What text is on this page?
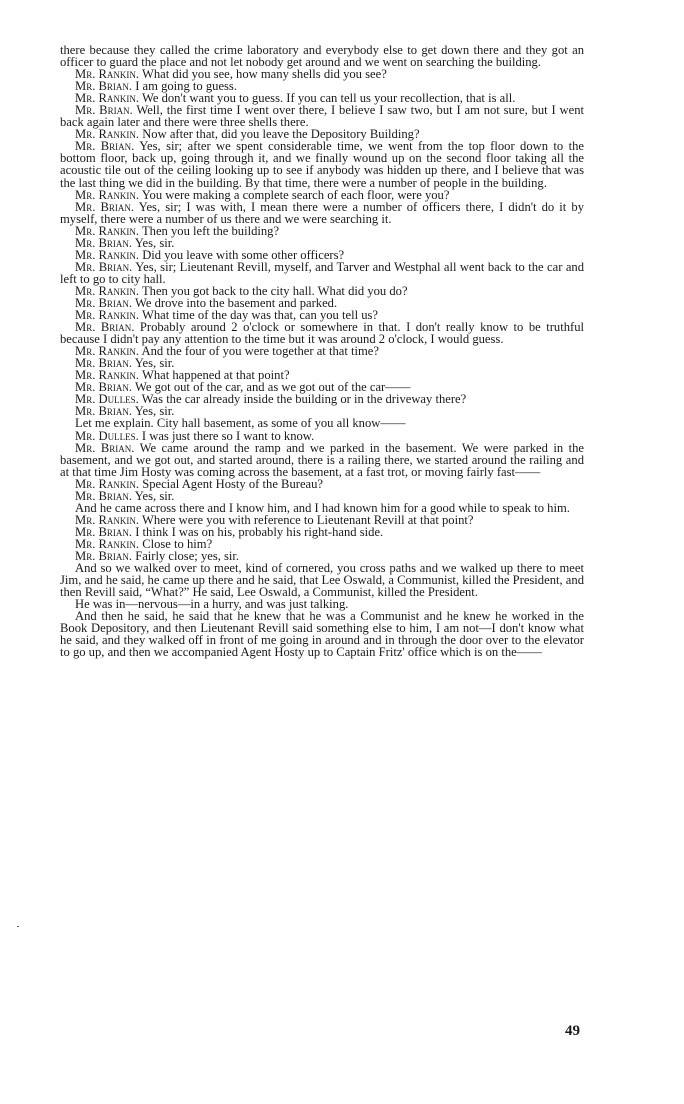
there because they called the crime laboratory and everybody else to get down there and they got an officer to guard the place and not let nobody get around and we went on searching the building.

Mr. Rankin. What did you see, how many shells did you see?

Mr. Brian. I am going to guess.

Mr. Rankin. We don't want you to guess. If you can tell us your recollection, that is all.

Mr. Brian. Well, the first time I went over there, I believe I saw two, but I am not sure, but I went back again later and there were three shells there.

Mr. Rankin. Now after that, did you leave the Depository Building?

Mr. Brian. Yes, sir; after we spent considerable time, we went from the top floor down to the bottom floor, back up, going through it, and we finally wound up on the second floor taking all the acoustic tile out of the ceiling looking up to see if anybody was hidden up there, and I believe that was the last thing we did in the building. By that time, there were a number of people in the building.

Mr. Rankin. You were making a complete search of each floor, were you?

Mr. Brian. Yes, sir; I was with, I mean there were a number of officers there, I didn't do it by myself, there were a number of us there and we were searching it.

Mr. Rankin. Then you left the building?

Mr. Brian. Yes, sir.

Mr. Rankin. Did you leave with some other officers?

Mr. Brian. Yes, sir; Lieutenant Revill, myself, and Tarver and Westphal all went back to the car and left to go to city hall.

Mr. Rankin. Then you got back to the city hall. What did you do?

Mr. Brian. We drove into the basement and parked.

Mr. Rankin. What time of the day was that, can you tell us?

Mr. Brian. Probably around 2 o'clock or somewhere in that. I don't really know to be truthful because I didn't pay any attention to the time but it was around 2 o'clock, I would guess.

Mr. Rankin. And the four of you were together at that time?

Mr. Brian. Yes, sir.

Mr. Rankin. What happened at that point?

Mr. Brian. We got out of the car, and as we got out of the car——

Mr. Dulles. Was the car already inside the building or in the driveway there?

Mr. Brian. Yes, sir.

Let me explain. City hall basement, as some of you all know——

Mr. Dulles. I was just there so I want to know.

Mr. Brian. We came around the ramp and we parked in the basement. We were parked in the basement, and we got out, and started around, there is a railing there, we started around the railing and at that time Jim Hosty was coming across the basement, at a fast trot, or moving fairly fast——

Mr. Rankin. Special Agent Hosty of the Bureau?

Mr. Brian. Yes, sir.

And he came across there and I know him, and I had known him for a good while to speak to him.

Mr. Rankin. Where were you with reference to Lieutenant Revill at that point?

Mr. Brian. I think I was on his, probably his right-hand side.

Mr. Rankin. Close to him?

Mr. Brian. Fairly close; yes, sir.

And so we walked over to meet, kind of cornered, you cross paths and we walked up there to meet Jim, and he said, he came up there and he said, that Lee Oswald, a Communist, killed the President, and then Revill said, “What?” He said, Lee Oswald, a Communist, killed the President.

He was in—nervous—in a hurry, and was just talking.

And then he said, he said that he knew that he was a Communist and he knew he worked in the Book Depository, and then Lieutenant Revill said something else to him, I am not—I don't know what he said, and they walked off in front of me going in around and in through the door over to the elevator to go up, and then we accompanied Agent Hosty up to Captain Fritz' office which is on the——

49
